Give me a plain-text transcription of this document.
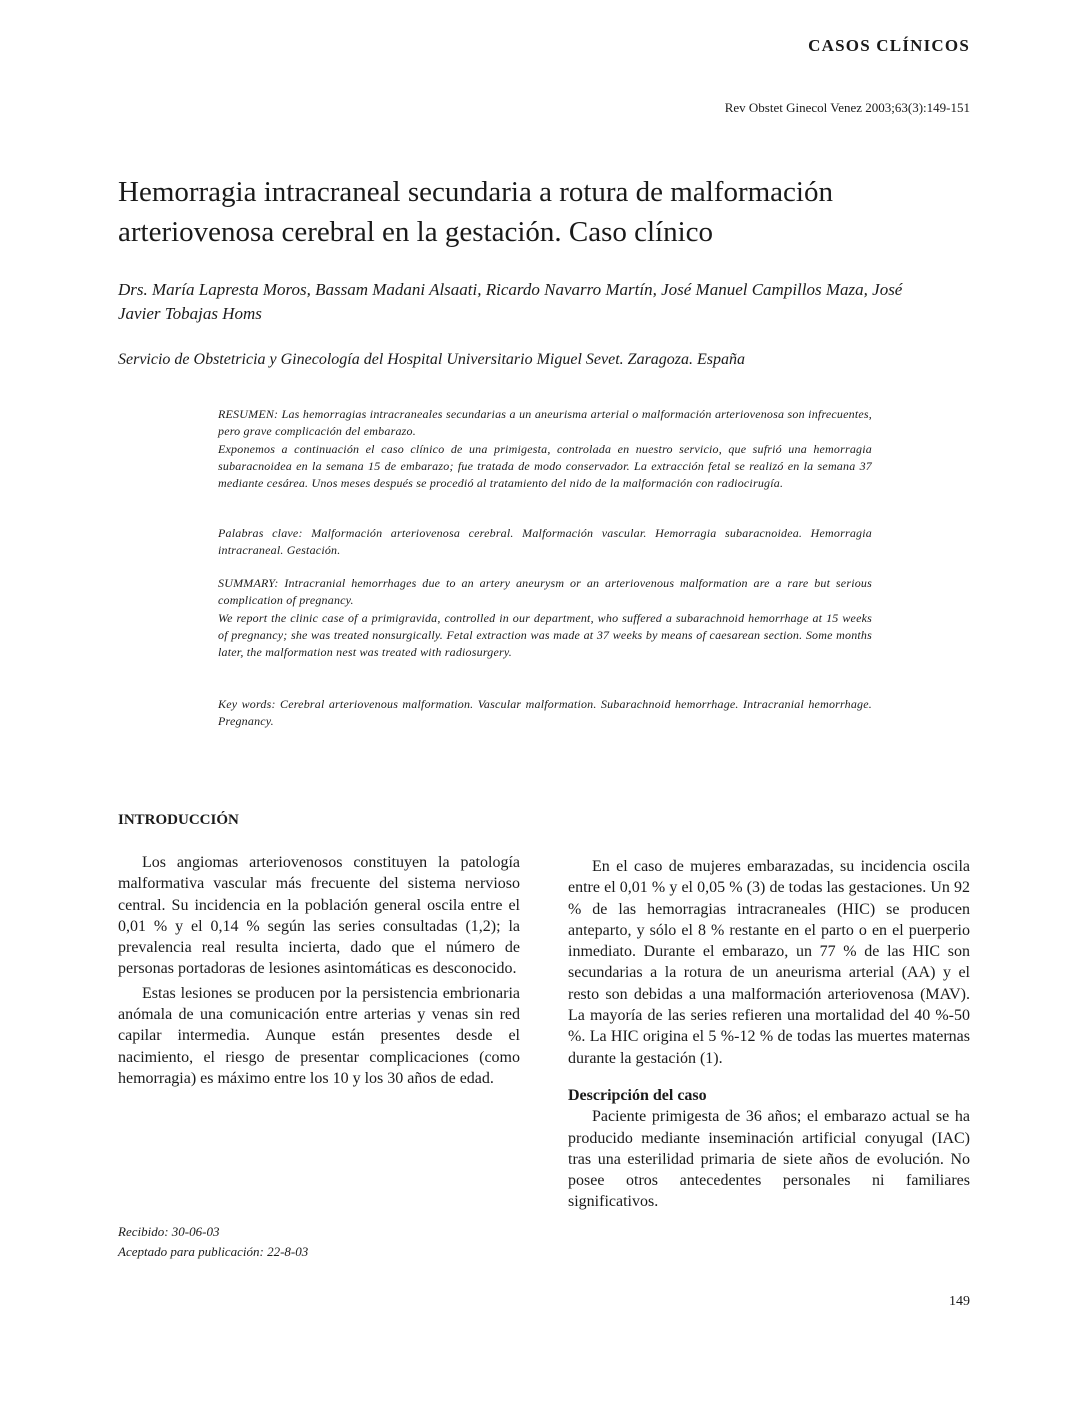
CASOS CLÍNICOS
Rev Obstet Ginecol Venez 2003;63(3):149-151
Hemorragia intracraneal secundaria a rotura de malformación arteriovenosa cerebral en la gestación. Caso clínico
Drs. María Lapresta Moros, Bassam Madani Alsaati, Ricardo Navarro Martín, José Manuel Campillos Maza, José Javier Tobajas Homs
Servicio de Obstetricia y Ginecología del Hospital Universitario Miguel Sevet. Zaragoza. España
RESUMEN: Las hemorragias intracraneales secundarias a un aneurisma arterial o malformación arteriovenosa son infrecuentes, pero grave complicación del embarazo.
Exponemos a continuación el caso clínico de una primigesta, controlada en nuestro servicio, que sufrió una hemorragia subaracnoidea en la semana 15 de embarazo; fue tratada de modo conservador. La extracción fetal se realizó en la semana 37 mediante cesárea. Unos meses después se procedió al tratamiento del nido de la malformación con radiocirugía.
Palabras clave: Malformación arteriovenosa cerebral. Malformación vascular. Hemorragia subaracnoidea. Hemorragia intracraneal. Gestación.
SUMMARY: Intracranial hemorrhages due to an artery aneurysm or an arteriovenous malformation are a rare but serious complication of pregnancy.
We report the clinic case of a primigravida, controlled in our department, who suffered a subarachnoid hemorrhage at 15 weeks of pregnancy; she was treated nonsurgically. Fetal extraction was made at 37 weeks by means of caesarean section. Some months later, the malformation nest was treated with radiosurgery.
Key words: Cerebral arteriovenous malformation. Vascular malformation. Subarachnoid hemorrhage. Intracranial hemorrhage. Pregnancy.
INTRODUCCIÓN

Los angiomas arteriovenosos constituyen la patología malformativa vascular más frecuente del sistema nervioso central. Su incidencia en la población general oscila entre el 0,01 % y el 0,14 % según las series consultadas (1,2); la prevalencia real resulta incierta, dado que el número de personas portadoras de lesiones asintomáticas es desconocido.

Estas lesiones se producen por la persistencia embrionaria anómala de una comunicación entre arterias y venas sin red capilar intermedia. Aunque están presentes desde el nacimiento, el riesgo de presentar complicaciones (como hemorragia) es máximo entre los 10 y los 30 años de edad.

En el caso de mujeres embarazadas, su incidencia oscila entre el 0,01 % y el 0,05 % (3) de todas las gestaciones. Un 92 % de las hemorragias intracraneales (HIC) se producen anteparto, y sólo el 8 % restante en el parto o en el puerperio inmediato. Durante el embarazo, un 77 % de las HIC son secundarias a la rotura de un aneurisma arterial (AA) y el resto son debidas a una malformación arteriovenosa (MAV). La mayoría de las series refieren una mortalidad del 40 %-50 %. La HIC origina el 5 %-12 % de todas las muertes maternas durante la gestación (1).

Descripción del caso

Paciente primigesta de 36 años; el embarazo actual se ha producido mediante inseminación artificial conyugal (IAC) tras una esterilidad primaria de siete años de evolución. No posee otros antecedentes personales ni familiares significativos.

Recibido: 30-06-03
Aceptado para publicación: 22-8-03
149
